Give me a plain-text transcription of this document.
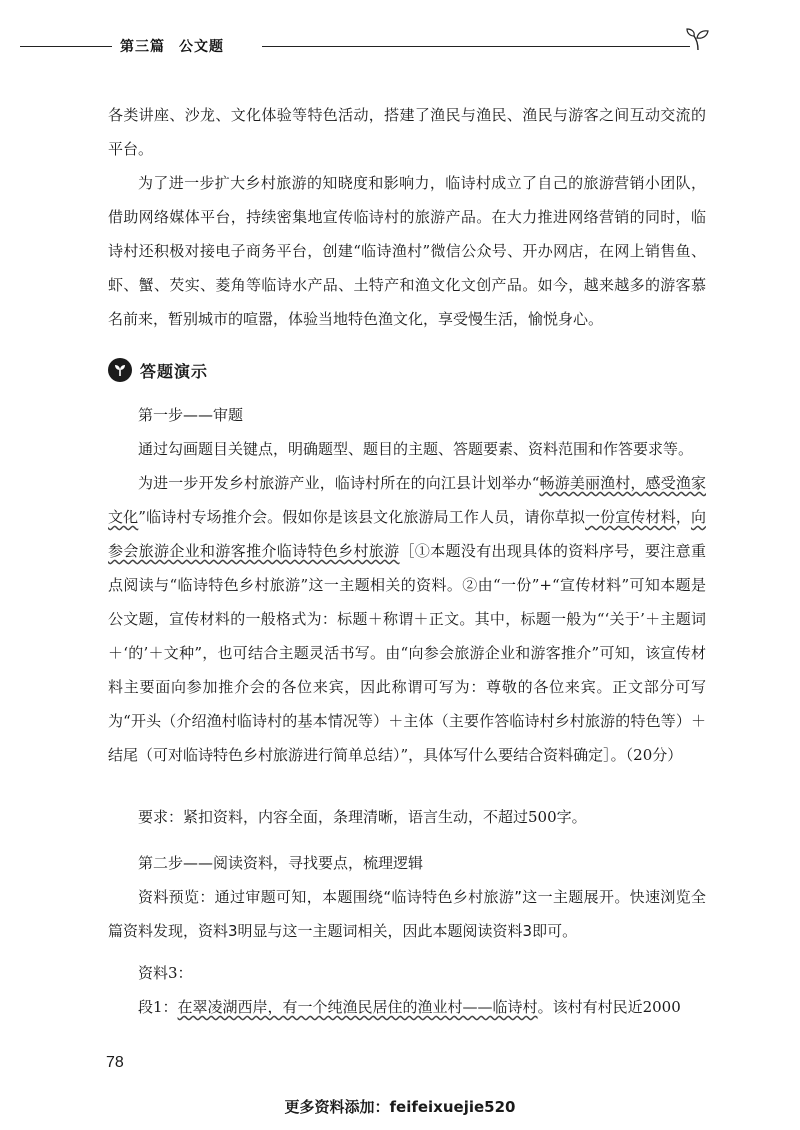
第三篇 公文题

各类讲座、沙龙、文化体验等特色活动，搭建了渔民与渔民、渔民与游客之间互动交流的平台。

为了进一步扩大乡村旅游的知晓度和影响力，临诗村成立了自己的旅游营销小团队，借助网络媒体平台，持续密集地宣传临诗村的旅游产品。在大力推进网络营销的同时，临诗村还积极对接电子商务平台，创建“临诗渔村”微信公众号、开办网店，在网上销售鱼、虾、蟹、芡实、菱角等临诗水产品、土特产和渔文化文创产品。如今，越来越多的游客慕名前来，暂别城市的喧嚣，体验当地特色渔文化，享受慢生活，愉悦身心。

答题演示
第一步——审题

通过勾画题目关键点，明确题型、题目的主题、答题要素、资料范围和作答要求等。

为进一步开发乡村旅游产业，临诗村所在的向江县计划举办“畅游美丽渔村，感受渔家文化”临诗村专场推介会。假如你是该县文化旅游局工作人员，请你草拟一份宣传材料，向参会旅游企业和游客推介临诗特色乡村旅游［①本题没有出现具体的资料序号，要注意重点阅读与“临诗特色乡村旅游”这一主题相关的资料。②由“一份”+“宣传材料”可知本题是公文题，宣传材料的一般格式为：标题＋称谓＋正文。其中，标题一般为“‘关于’＋主题词＋‘的’＋文种”，也可结合主题灵活书写。由“向参会旅游企业和游客推介”可知，该宣传材料主要面向参加推介会的各位来宾，因此称谓可写为：尊敬的各位来宾。正文部分可写为“开头（介绍渔村临诗村的基本情况等）＋主体（主要作答临诗村乡村旅游的特色等）＋结尾（可对临诗特色乡村旅游进行简单总结）”，具体写什么要结合资料确定］。（20分）

要求：紧扣资料，内容全面，条理清晰，语言生动，不超过500字。

第二步——阅读资料，寻找要点，梳理逻辑

资料预览：通过审题可知，本题围绕“临诗特色乡村旅游”这一主题展开。快速浏览全篇资料发现，资料3明显与这一主题词相关，因此本题阅读资料3即可。

资料3：

段1：在翠凌湖西岸，有一个纯渔民居住的渔业村——临诗村。该村有村民近2000

78
更多资料添加：feifeixuejie520
